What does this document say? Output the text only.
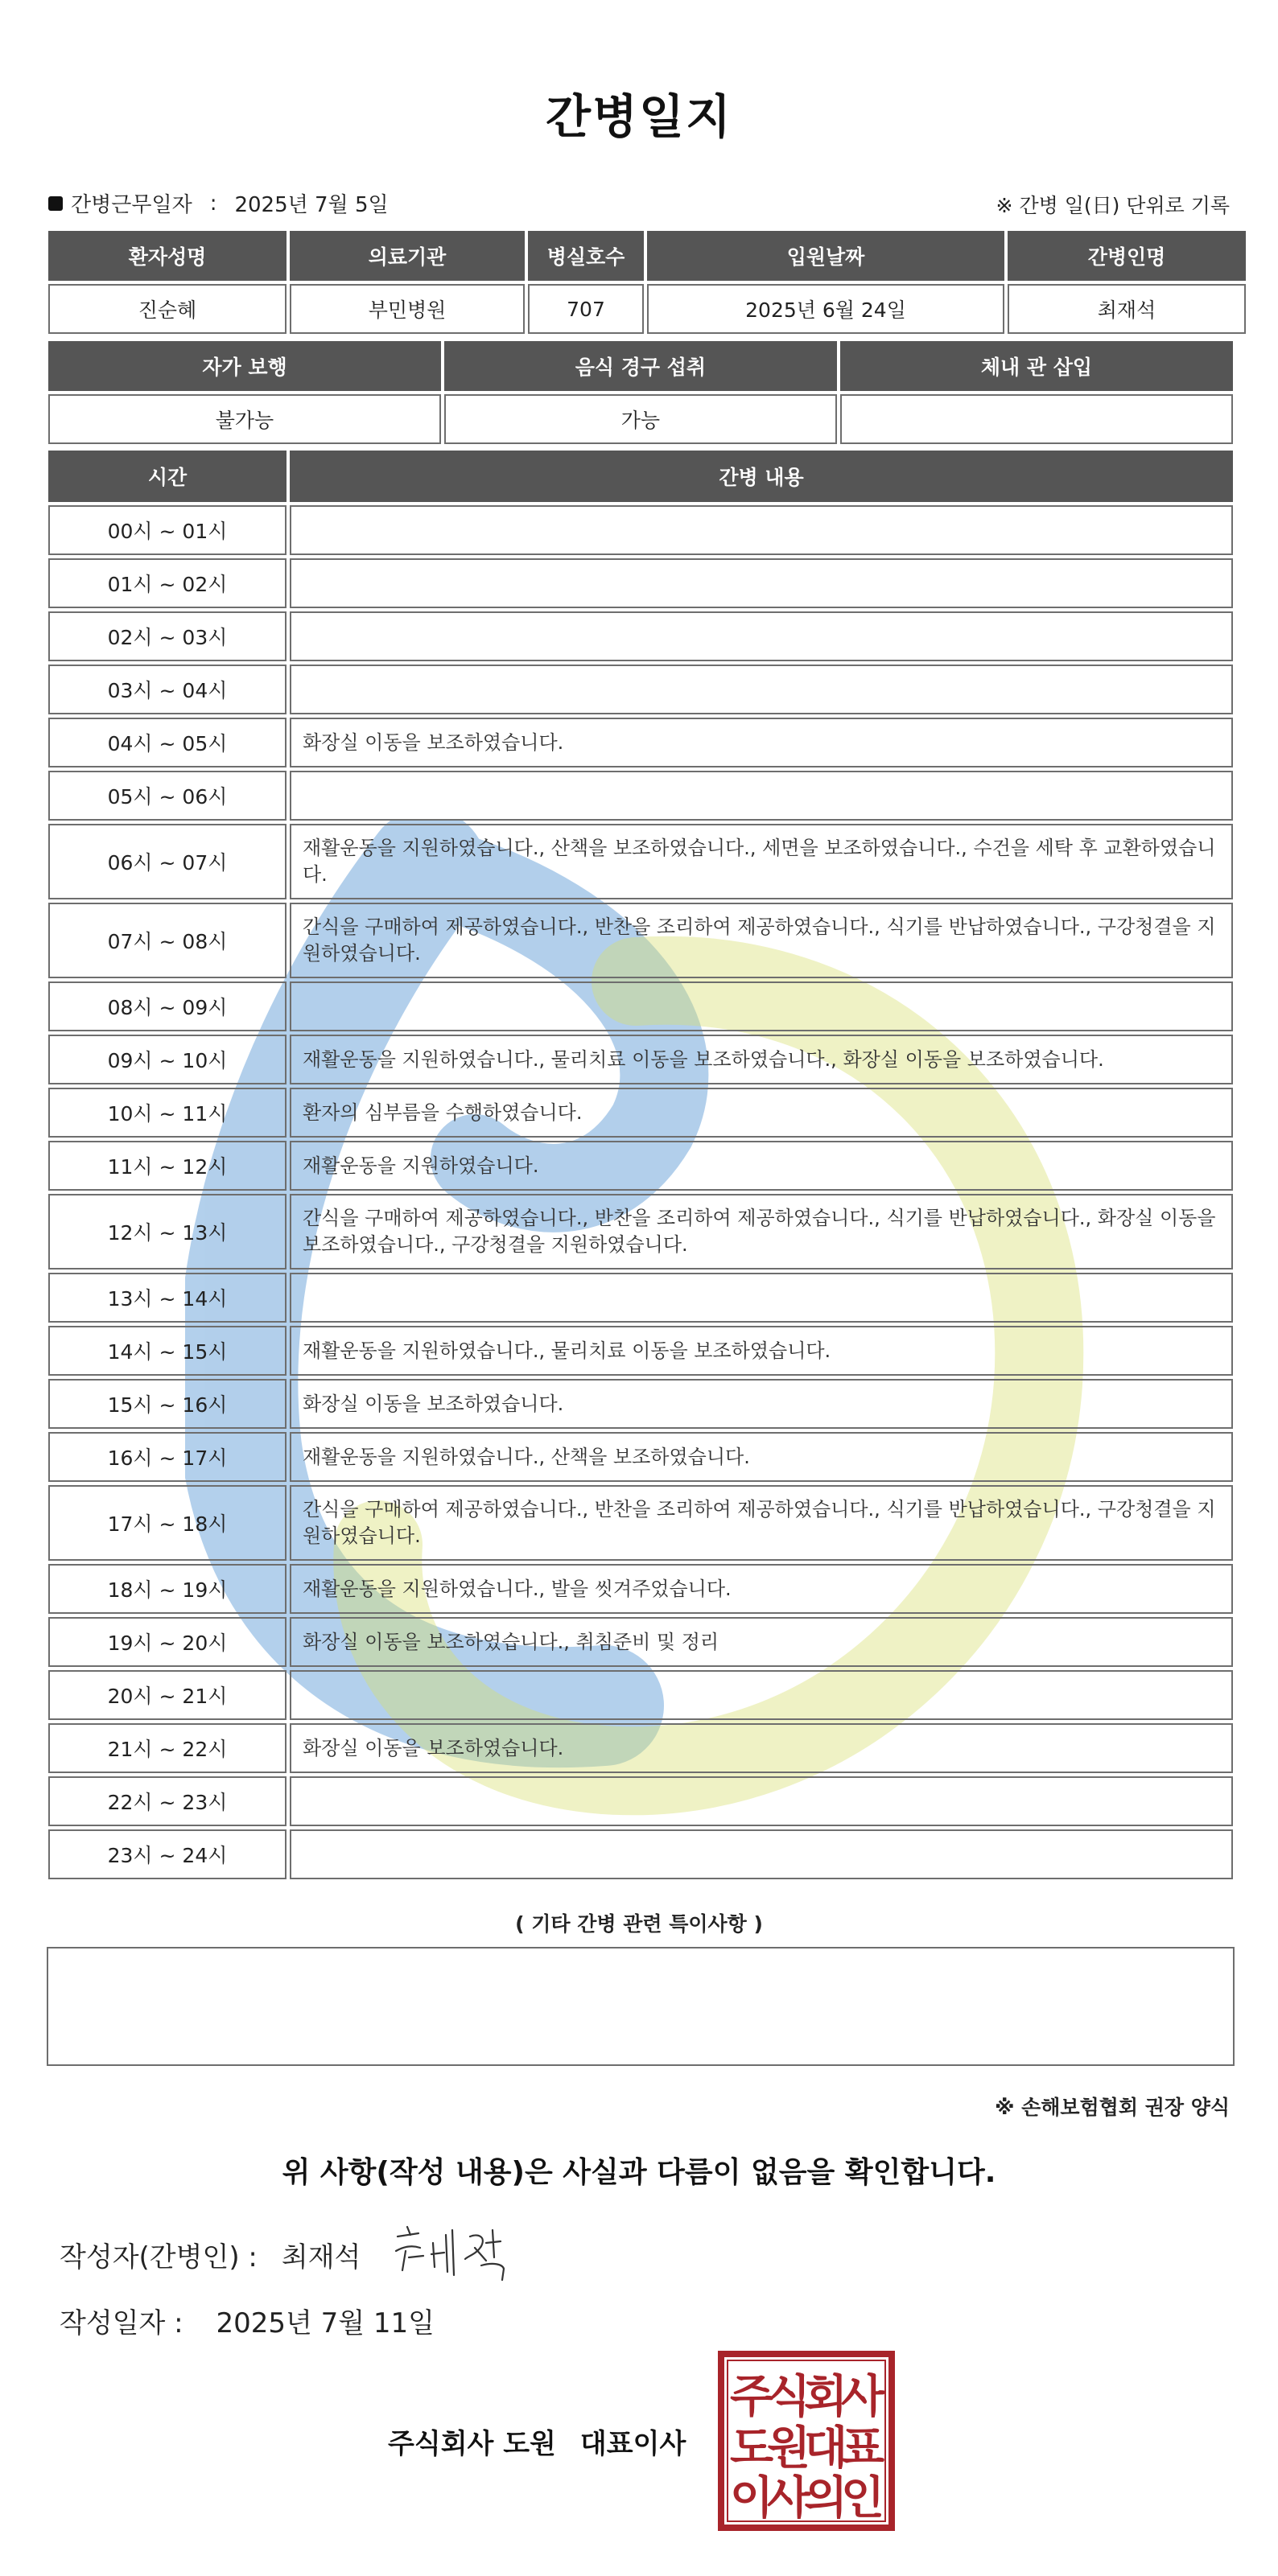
간병일지
간병근무일자 : 2025년 7월 5일	※ 간병 일(日) 단위로 기록
환자성명	의료기관	병실호수	입원날짜	간병인명
진순혜	부민병원	707	2025년 6월 24일	최재석
자가 보행	음식 경구 섭취	체내 관 삽입
불가능	가능	
시간	간병 내용
00시 ~ 01시	
01시 ~ 02시	
02시 ~ 03시	
03시 ~ 04시	
04시 ~ 05시	화장실 이동을 보조하였습니다.
05시 ~ 06시	
06시 ~ 07시	재활운동을 지원하였습니다., 산책을 보조하였습니다., 세면을 보조하였습니다., 수건을 세탁 후 교환하였습니다.
07시 ~ 08시	간식을 구매하여 제공하였습니다., 반찬을 조리하여 제공하였습니다., 식기를 반납하였습니다., 구강청결을 지원하였습니다.
08시 ~ 09시	
09시 ~ 10시	재활운동을 지원하였습니다., 물리치료 이동을 보조하였습니다., 화장실 이동을 보조하였습니다.
10시 ~ 11시	환자의 심부름을 수행하였습니다.
11시 ~ 12시	재활운동을 지원하였습니다.
12시 ~ 13시	간식을 구매하여 제공하였습니다., 반찬을 조리하여 제공하였습니다., 식기를 반납하였습니다., 화장실 이동을 보조하였습니다., 구강청결을 지원하였습니다.
13시 ~ 14시	
14시 ~ 15시	재활운동을 지원하였습니다., 물리치료 이동을 보조하였습니다.
15시 ~ 16시	화장실 이동을 보조하였습니다.
16시 ~ 17시	재활운동을 지원하였습니다., 산책을 보조하였습니다.
17시 ~ 18시	간식을 구매하여 제공하였습니다., 반찬을 조리하여 제공하였습니다., 식기를 반납하였습니다., 구강청결을 지원하였습니다.
18시 ~ 19시	재활운동을 지원하였습니다., 발을 씻겨주었습니다.
19시 ~ 20시	화장실 이동을 보조하였습니다., 취침준비 및 정리
20시 ~ 21시	
21시 ~ 22시	화장실 이동을 보조하였습니다.
22시 ~ 23시	
23시 ~ 24시	
( 기타 간병 관련 특이사항 )
※ 손해보험협회 권장 양식
위 사항(작성 내용)은 사실과 다름이 없음을 확인합니다.
작성자(간병인) : 최재석
작성일자 : 2025년 7월 11일
주식회사 도원 대표이사
주
식
회
사
도
원
대
표
이
사
의
인
